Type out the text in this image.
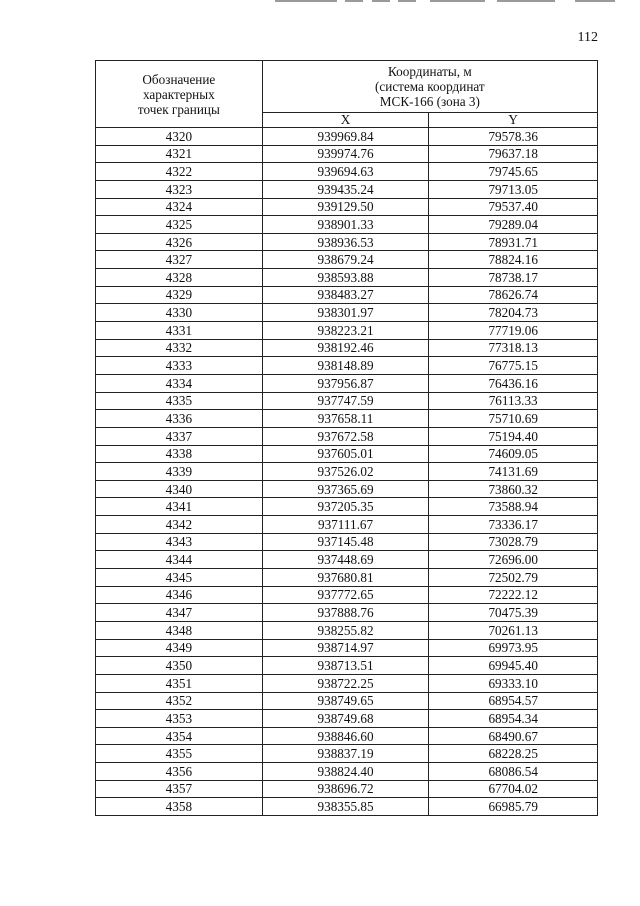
112
Обозначение
характерных
точек границы	Координаты, м
(система координат
МСК-166 (зона 3)	
	X	Y
4320	939969.84	79578.36
4321	939974.76	79637.18
4322	939694.63	79745.65
4323	939435.24	79713.05
4324	939129.50	79537.40
4325	938901.33	79289.04
4326	938936.53	78931.71
4327	938679.24	78824.16
4328	938593.88	78738.17
4329	938483.27	78626.74
4330	938301.97	78204.73
4331	938223.21	77719.06
4332	938192.46	77318.13
4333	938148.89	76775.15
4334	937956.87	76436.16
4335	937747.59	76113.33
4336	937658.11	75710.69
4337	937672.58	75194.40
4338	937605.01	74609.05
4339	937526.02	74131.69
4340	937365.69	73860.32
4341	937205.35	73588.94
4342	937111.67	73336.17
4343	937145.48	73028.79
4344	937448.69	72696.00
4345	937680.81	72502.79
4346	937772.65	72222.12
4347	937888.76	70475.39
4348	938255.82	70261.13
4349	938714.97	69973.95
4350	938713.51	69945.40
4351	938722.25	69333.10
4352	938749.65	68954.57
4353	938749.68	68954.34
4354	938846.60	68490.67
4355	938837.19	68228.25
4356	938824.40	68086.54
4357	938696.72	67704.02
4358	938355.85	66985.79
